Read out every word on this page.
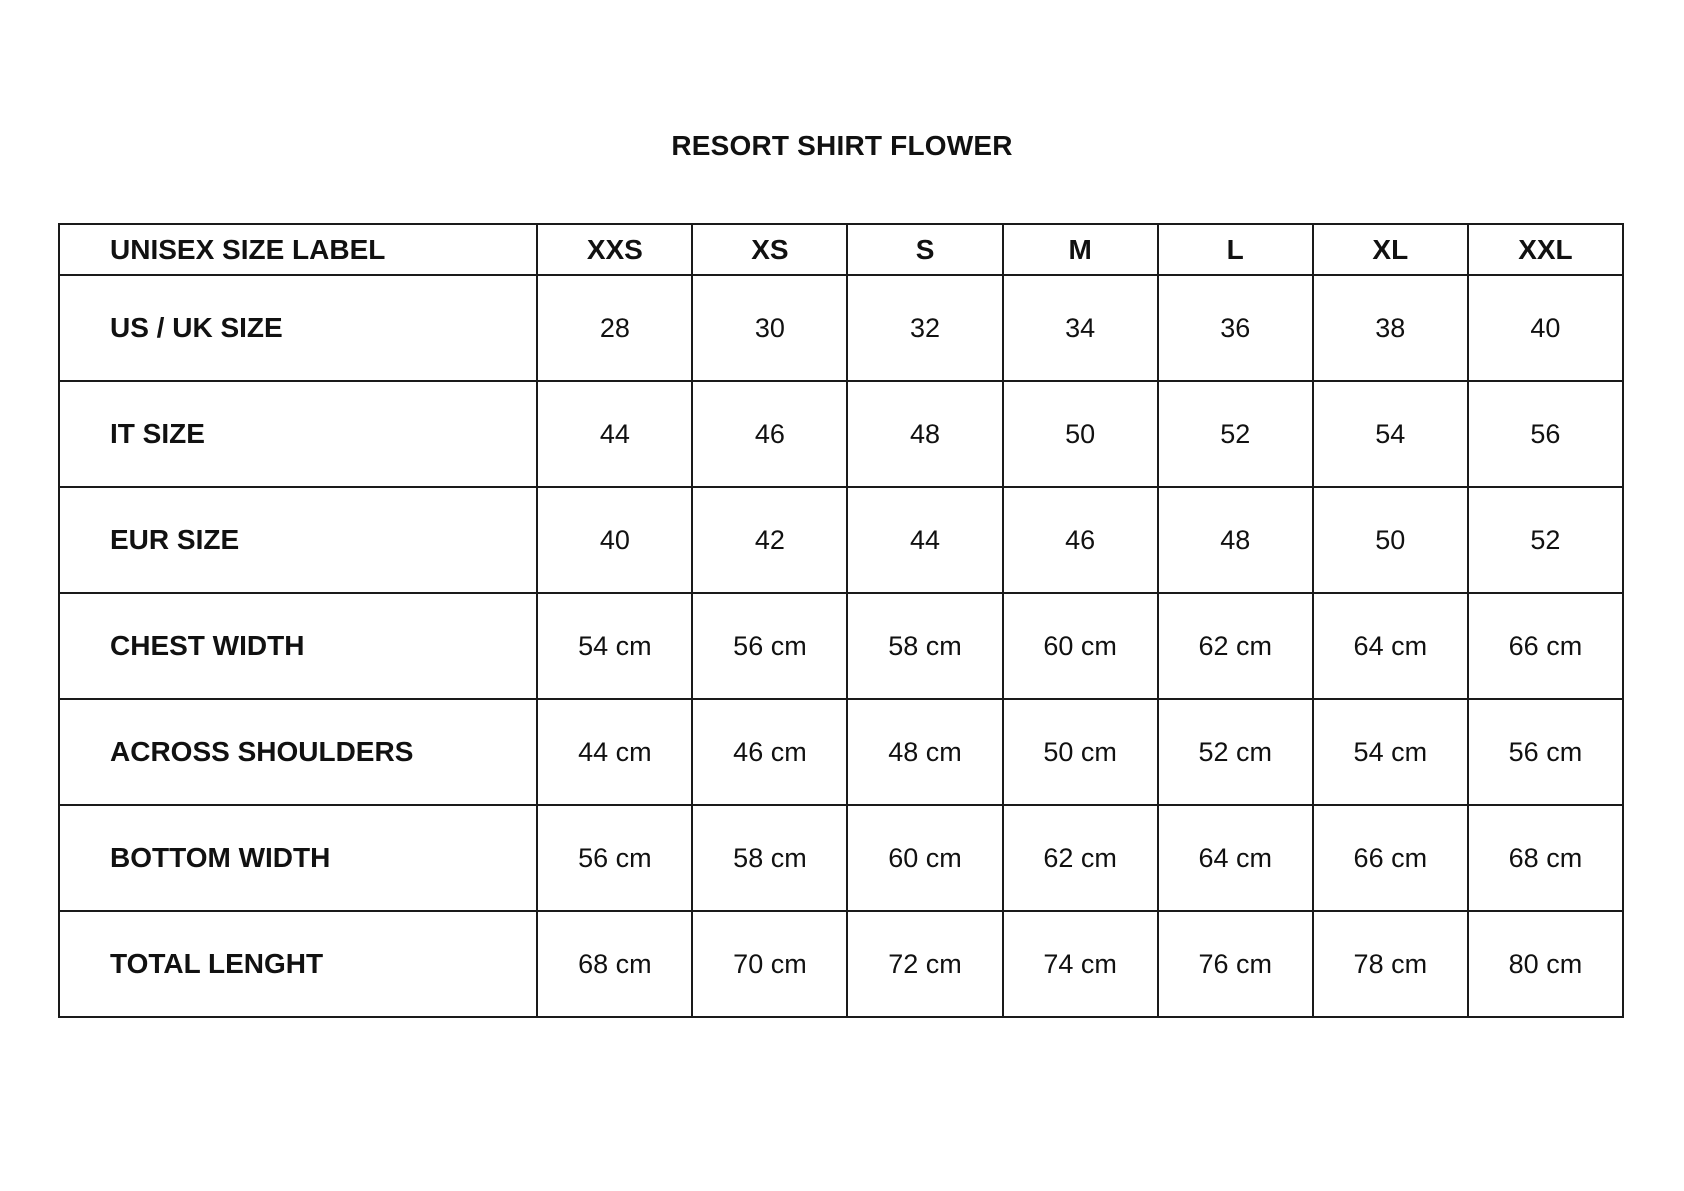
RESORT SHIRT FLOWER
UNISEX SIZE LABEL	XXS	XS	S	M	L	XL	XXL
US / UK SIZE	28	30	32	34	36	38	40
IT SIZE	44	46	48	50	52	54	56
EUR SIZE	40	42	44	46	48	50	52
CHEST WIDTH	54 cm	56 cm	58 cm	60 cm	62 cm	64 cm	66 cm
ACROSS SHOULDERS	44 cm	46 cm	48 cm	50 cm	52 cm	54 cm	56 cm
BOTTOM WIDTH	56 cm	58 cm	60 cm	62 cm	64 cm	66 cm	68 cm
TOTAL LENGHT	68 cm	70 cm	72 cm	74 cm	76 cm	78 cm	80 cm
